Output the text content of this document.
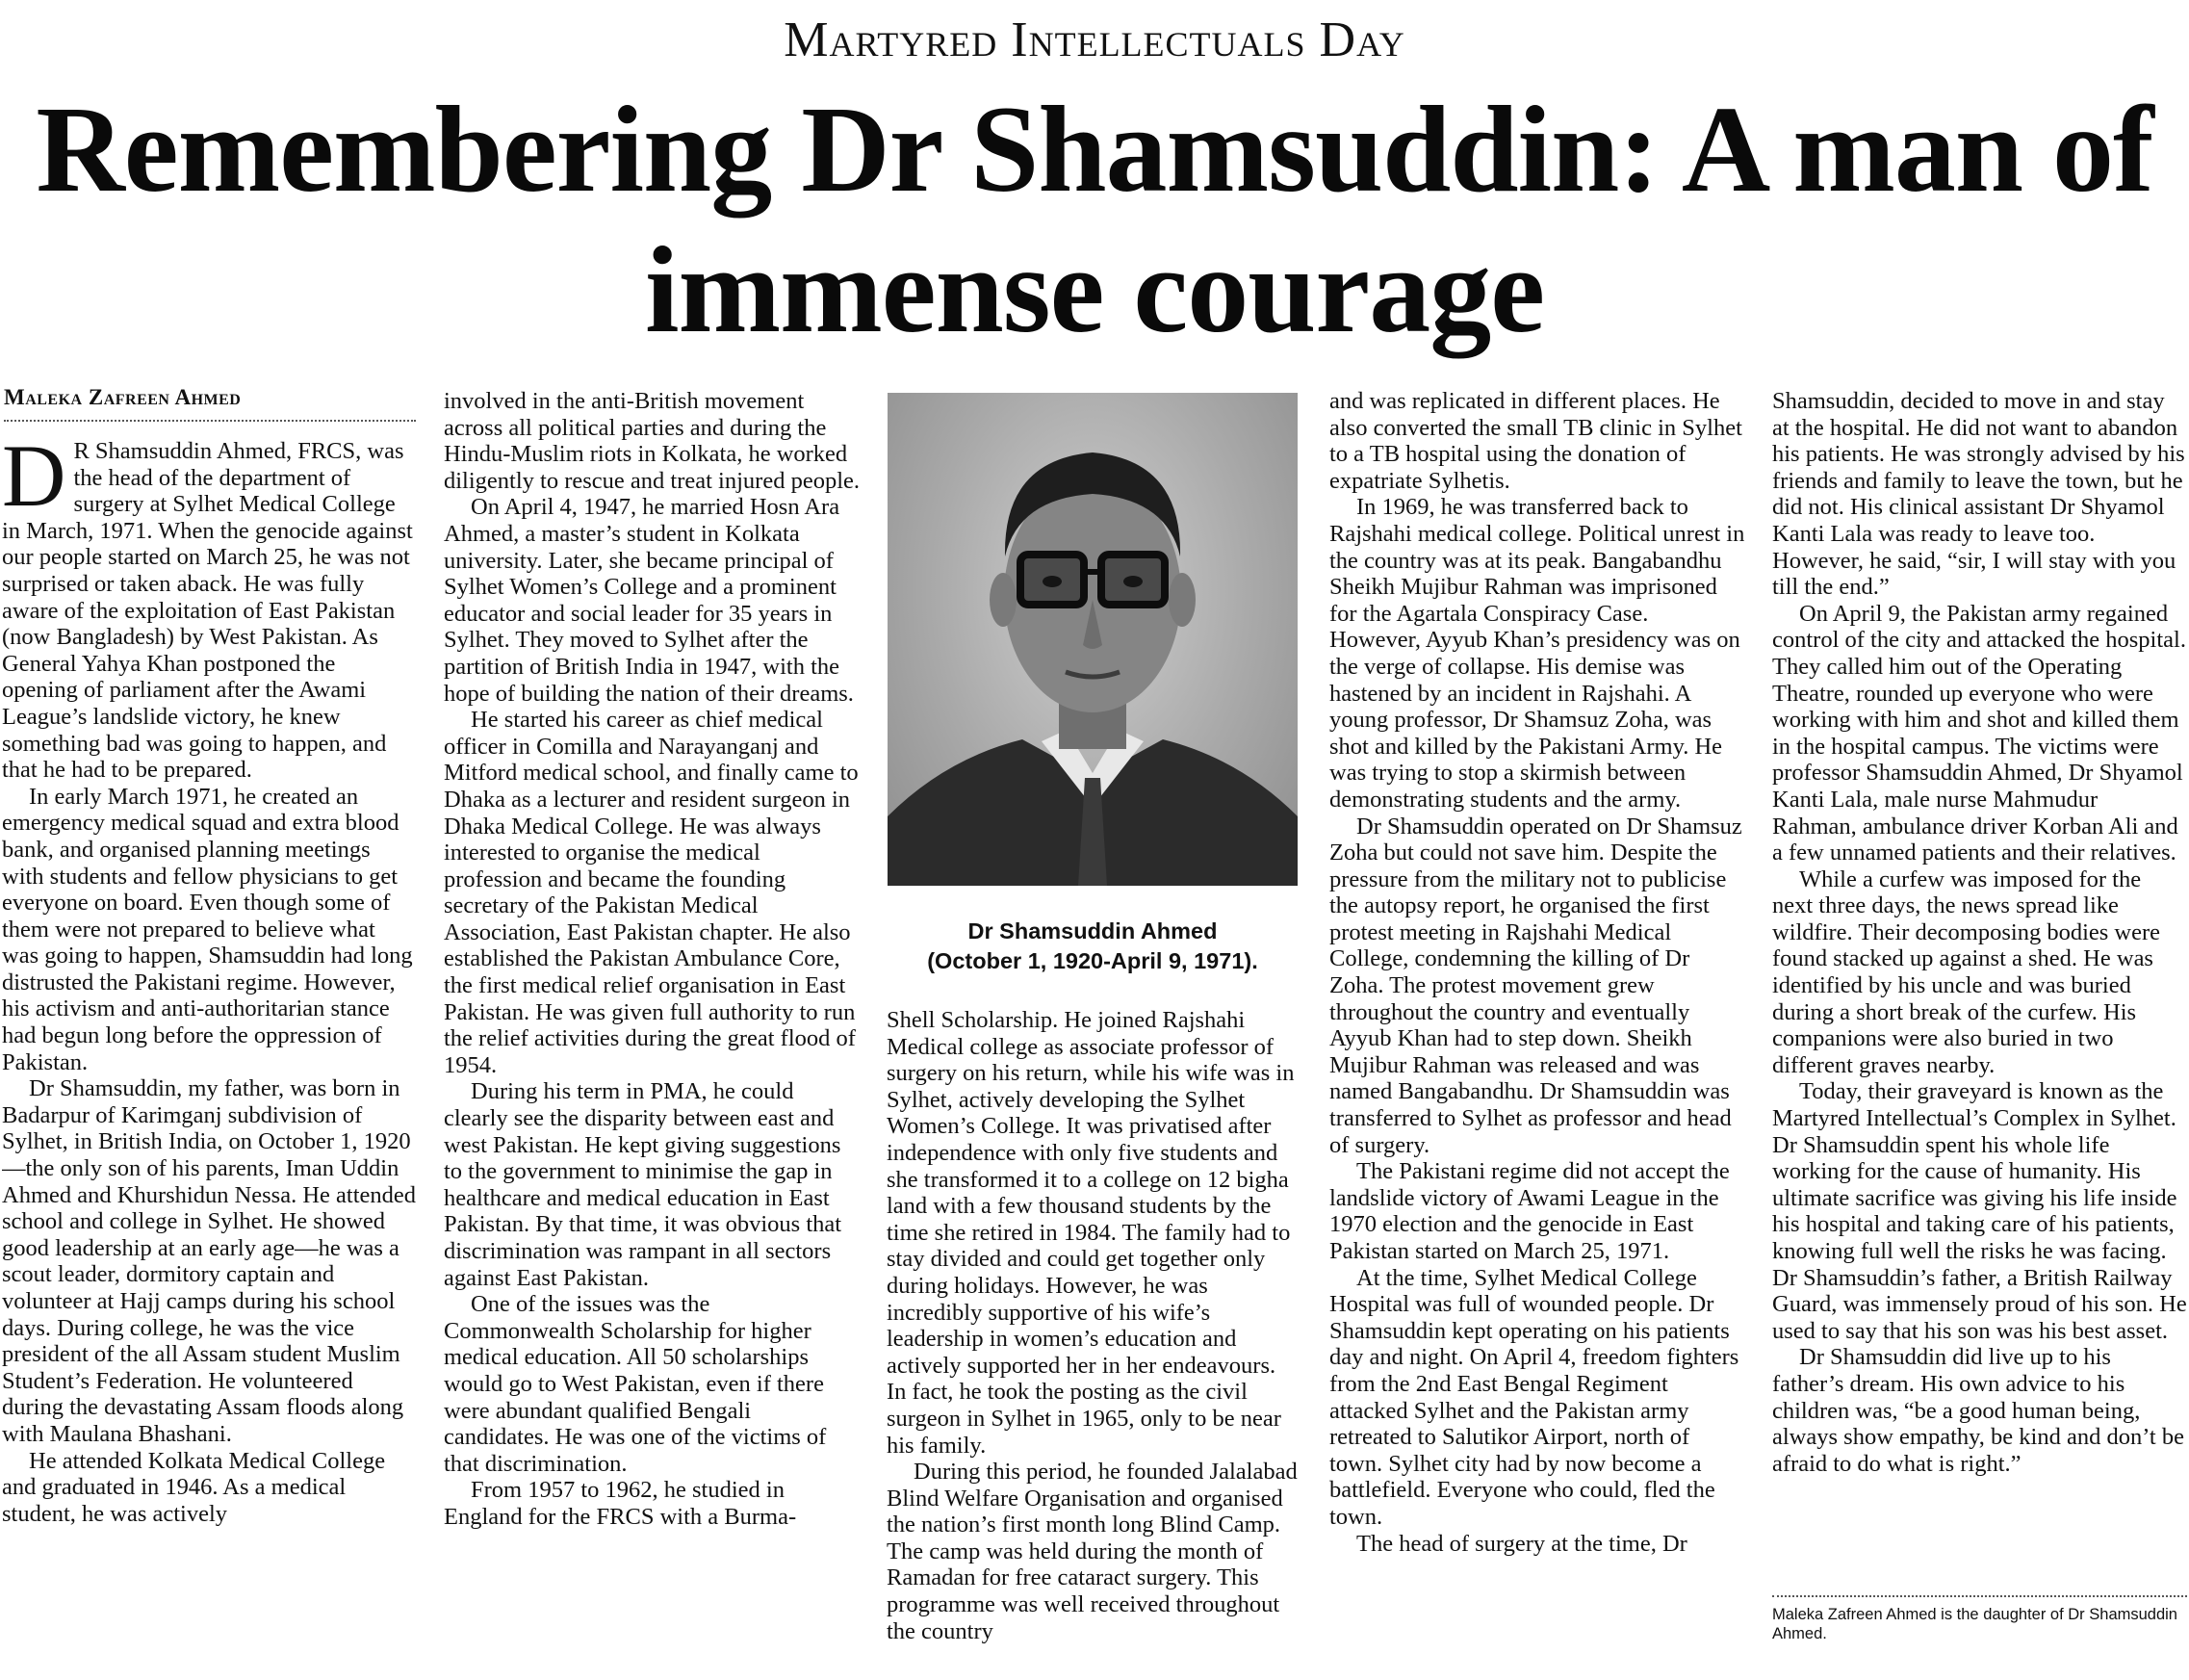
Martyred Intellectuals Day
Remembering Dr Shamsuddin: A man of immense courage
Maleka Zafreen Ahmed

D R Shamsuddin Ahmed, FRCS, was the head of the department of surgery at Sylhet Medical College in March, 1971. When the genocide against our people started on March 25, he was not surprised or taken aback. He was fully aware of the exploitation of East Pakistan (now Bangladesh) by West Pakistan. As General Yahya Khan postponed the opening of parliament after the Awami League’s landslide victory, he knew something bad was going to happen, and that he had to be prepared.

In early March 1971, he created an emergency medical squad and extra blood bank, and organised planning meetings with students and fellow physicians to get everyone on board. Even though some of them were not prepared to believe what was going to happen, Shamsuddin had long distrusted the Pakistani regime. However, his activism and anti-authoritarian stance had begun long before the oppression of Pakistan.

Dr Shamsuddin, my father, was born in Badarpur of Karimganj subdivision of Sylhet, in British India, on October 1, 1920—the only son of his parents, Iman Uddin Ahmed and Khurshidun Nessa. He attended school and college in Sylhet. He showed good leadership at an early age—he was a scout leader, dormitory captain and volunteer at Hajj camps during his school days. During college, he was the vice president of the all Assam student Muslim Student’s Federation. He volunteered during the devastating Assam floods along with Maulana Bhashani.

He attended Kolkata Medical College and graduated in 1946. As a medical student, he was actively

involved in the anti-British movement across all political parties and during the Hindu-Muslim riots in Kolkata, he worked diligently to rescue and treat injured people.

On April 4, 1947, he married Hosn Ara Ahmed, a master’s student in Kolkata university. Later, she became principal of Sylhet Women’s College and a prominent educator and social leader for 35 years in Sylhet. They moved to Sylhet after the partition of British India in 1947, with the hope of building the nation of their dreams.

He started his career as chief medical officer in Comilla and Narayanganj and Mitford medical school, and finally came to Dhaka as a lecturer and resident surgeon in Dhaka Medical College. He was always interested to organise the medical profession and became the founding secretary of the Pakistan Medical Association, East Pakistan chapter. He also established the Pakistan Ambulance Core, the first medical relief organisation in East Pakistan. He was given full authority to run the relief activities during the great flood of 1954.

During his term in PMA, he could clearly see the disparity between east and west Pakistan. He kept giving suggestions to the government to minimise the gap in healthcare and medical education in East Pakistan. By that time, it was obvious that discrimination was rampant in all sectors against East Pakistan.

One of the issues was the Commonwealth Scholarship for higher medical education. All 50 scholarships would go to West Pakistan, even if there were abundant qualified Bengali candidates. He was one of the victims of that discrimination.

From 1957 to 1962, he studied in England for the FRCS with a Burma-

Dr Shamsuddin Ahmed
(October 1, 1920-April 9, 1971).

Shell Scholarship. He joined Rajshahi Medical college as associate professor of surgery on his return, while his wife was in Sylhet, actively developing the Sylhet Women’s College. It was privatised after independence with only five students and she transformed it to a college on 12 bigha land with a few thousand students by the time she retired in 1984. The family had to stay divided and could get together only during holidays. However, he was incredibly supportive of his wife’s leadership in women’s education and actively supported her in her endeavours. In fact, he took the posting as the civil surgeon in Sylhet in 1965, only to be near his family.

During this period, he founded Jalalabad Blind Welfare Organisation and organised the nation’s first month long Blind Camp. The camp was held during the month of Ramadan for free cataract surgery. This programme was well received throughout the country

and was replicated in different places. He also converted the small TB clinic in Sylhet to a TB hospital using the donation of expatriate Sylhetis.

In 1969, he was transferred back to Rajshahi medical college. Political unrest in the country was at its peak. Bangabandhu Sheikh Mujibur Rahman was imprisoned for the Agartala Conspiracy Case. However, Ayyub Khan’s presidency was on the verge of collapse. His demise was hastened by an incident in Rajshahi. A young professor, Dr Shamsuz Zoha, was shot and killed by the Pakistani Army. He was trying to stop a skirmish between demonstrating students and the army.

Dr Shamsuddin operated on Dr Shamsuz Zoha but could not save him. Despite the pressure from the military not to publicise the autopsy report, he organised the first protest meeting in Rajshahi Medical College, condemning the killing of Dr Zoha. The protest movement grew throughout the country and eventually Ayyub Khan had to step down. Sheikh Mujibur Rahman was released and was named Bangabandhu. Dr Shamsuddin was transferred to Sylhet as professor and head of surgery.

The Pakistani regime did not accept the landslide victory of Awami League in the 1970 election and the genocide in East Pakistan started on March 25, 1971.

At the time, Sylhet Medical College Hospital was full of wounded people. Dr Shamsuddin kept operating on his patients day and night. On April 4, freedom fighters from the 2nd East Bengal Regiment attacked Sylhet and the Pakistan army retreated to Salutikor Airport, north of town. Sylhet city had by now become a battlefield. Everyone who could, fled the town.

The head of surgery at the time, Dr

Shamsuddin, decided to move in and stay at the hospital. He did not want to abandon his patients. He was strongly advised by his friends and family to leave the town, but he did not. His clinical assistant Dr Shyamol Kanti Lala was ready to leave too. However, he said, “sir, I will stay with you till the end.”

On April 9, the Pakistan army regained control of the city and attacked the hospital. They called him out of the Operating Theatre, rounded up everyone who were working with him and shot and killed them in the hospital campus. The victims were professor Shamsuddin Ahmed, Dr Shyamol Kanti Lala, male nurse Mahmudur Rahman, ambulance driver Korban Ali and a few unnamed patients and their relatives.

While a curfew was imposed for the next three days, the news spread like wildfire. Their decomposing bodies were found stacked up against a shed. He was identified by his uncle and was buried during a short break of the curfew. His companions were also buried in two different graves nearby.

Today, their graveyard is known as the Martyred Intellectual’s Complex in Sylhet. Dr Shamsuddin spent his whole life working for the cause of humanity. His ultimate sacrifice was giving his life inside his hospital and taking care of his patients, knowing full well the risks he was facing. Dr Shamsuddin’s father, a British Railway Guard, was immensely proud of his son. He used to say that his son was his best asset.

Dr Shamsuddin did live up to his father’s dream. His own advice to his children was, “be a good human being, always show empathy, be kind and don’t be afraid to do what is right.”

Maleka Zafreen Ahmed is the daughter of Dr Shamsuddin Ahmed.
